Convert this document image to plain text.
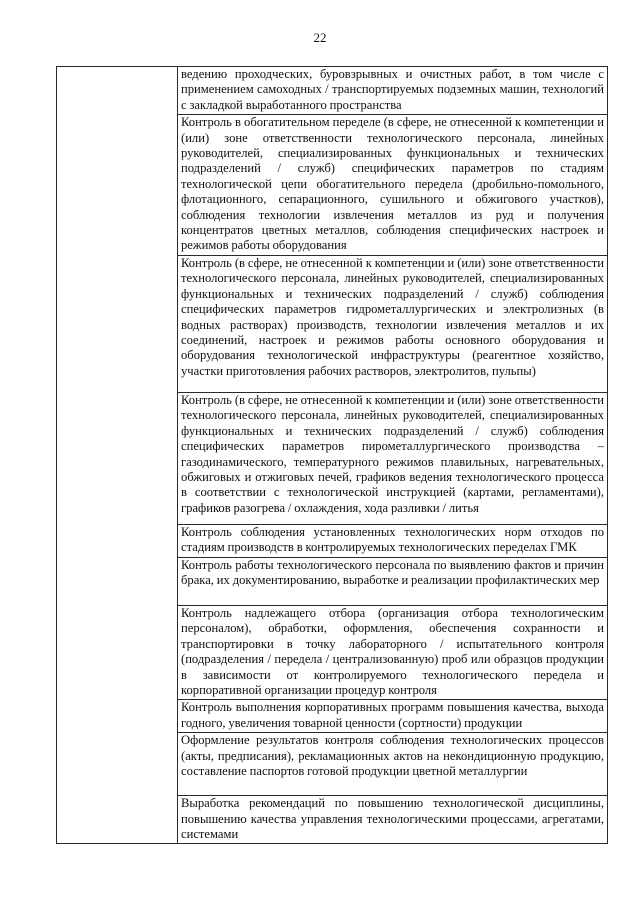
22

ведению проходческих, буровзрывных и очистных работ, в том числе с применением самоходных / транспортируемых подземных машин, технологий с закладкой выработанного пространства

Контроль в обогатительном переделе (в сфере, не отнесенной к компетенции и (или) зоне ответственности технологического персонала, линейных руководителей, специализированных функциональных и технических подразделений / служб) специфических параметров по стадиям технологической цепи обогатительного передела (дробильно-помольного, флотационного, сепарационного, сушильного и обжигового участков), соблюдения технологии извлечения металлов из руд и получения концентратов цветных металлов, соблюдения специфических настроек и режимов работы оборудования

Контроль (в сфере, не отнесенной к компетенции и (или) зоне ответственности технологического персонала, линейных руководителей, специализированных функциональных и технических подразделений / служб) соблюдения специфических параметров гидрометаллургических и электролизных (в водных растворах) производств, технологии извлечения металлов и их соединений, настроек и режимов работы основного оборудования и оборудования технологической инфраструктуры (реагентное хозяйство, участки приготовления рабочих растворов, электролитов, пульпы)

Контроль (в сфере, не отнесенной к компетенции и (или) зоне ответственности технологического персонала, линейных руководителей, специализированных функциональных и технических подразделений / служб) соблюдения специфических параметров пирометаллургического производства – газодинамического, температурного режимов плавильных, нагревательных, обжиговых и отжиговых печей, графиков ведения технологического процесса в соответствии с технологической инструкцией (картами, регламентами), графиков разогрева / охлаждения, хода разливки / литья

Контроль соблюдения установленных технологических норм отходов по стадиям производств в контролируемых технологических переделах ГМК

Контроль работы технологического персонала по выявлению фактов и причин брака, их документированию, выработке и реализации профилактических мер

Контроль надлежащего отбора (организация отбора технологическим персоналом), обработки, оформления, обеспечения сохранности и транспортировки в точку лабораторного / испытательного контроля (подразделения / передела / централизованную) проб или образцов продукции в зависимости от контролируемого технологического передела и корпоративной организации процедур контроля

Контроль выполнения корпоративных программ повышения качества, выхода годного, увеличения товарной ценности (сортности) продукции

Оформление результатов контроля соблюдения технологических процессов (акты, предписания), рекламационных актов на некондиционную продукцию, составление паспортов готовой продукции цветной металлургии

Выработка рекомендаций по повышению технологической дисциплины, повышению качества управления технологическими процессами, агрегатами, системами
